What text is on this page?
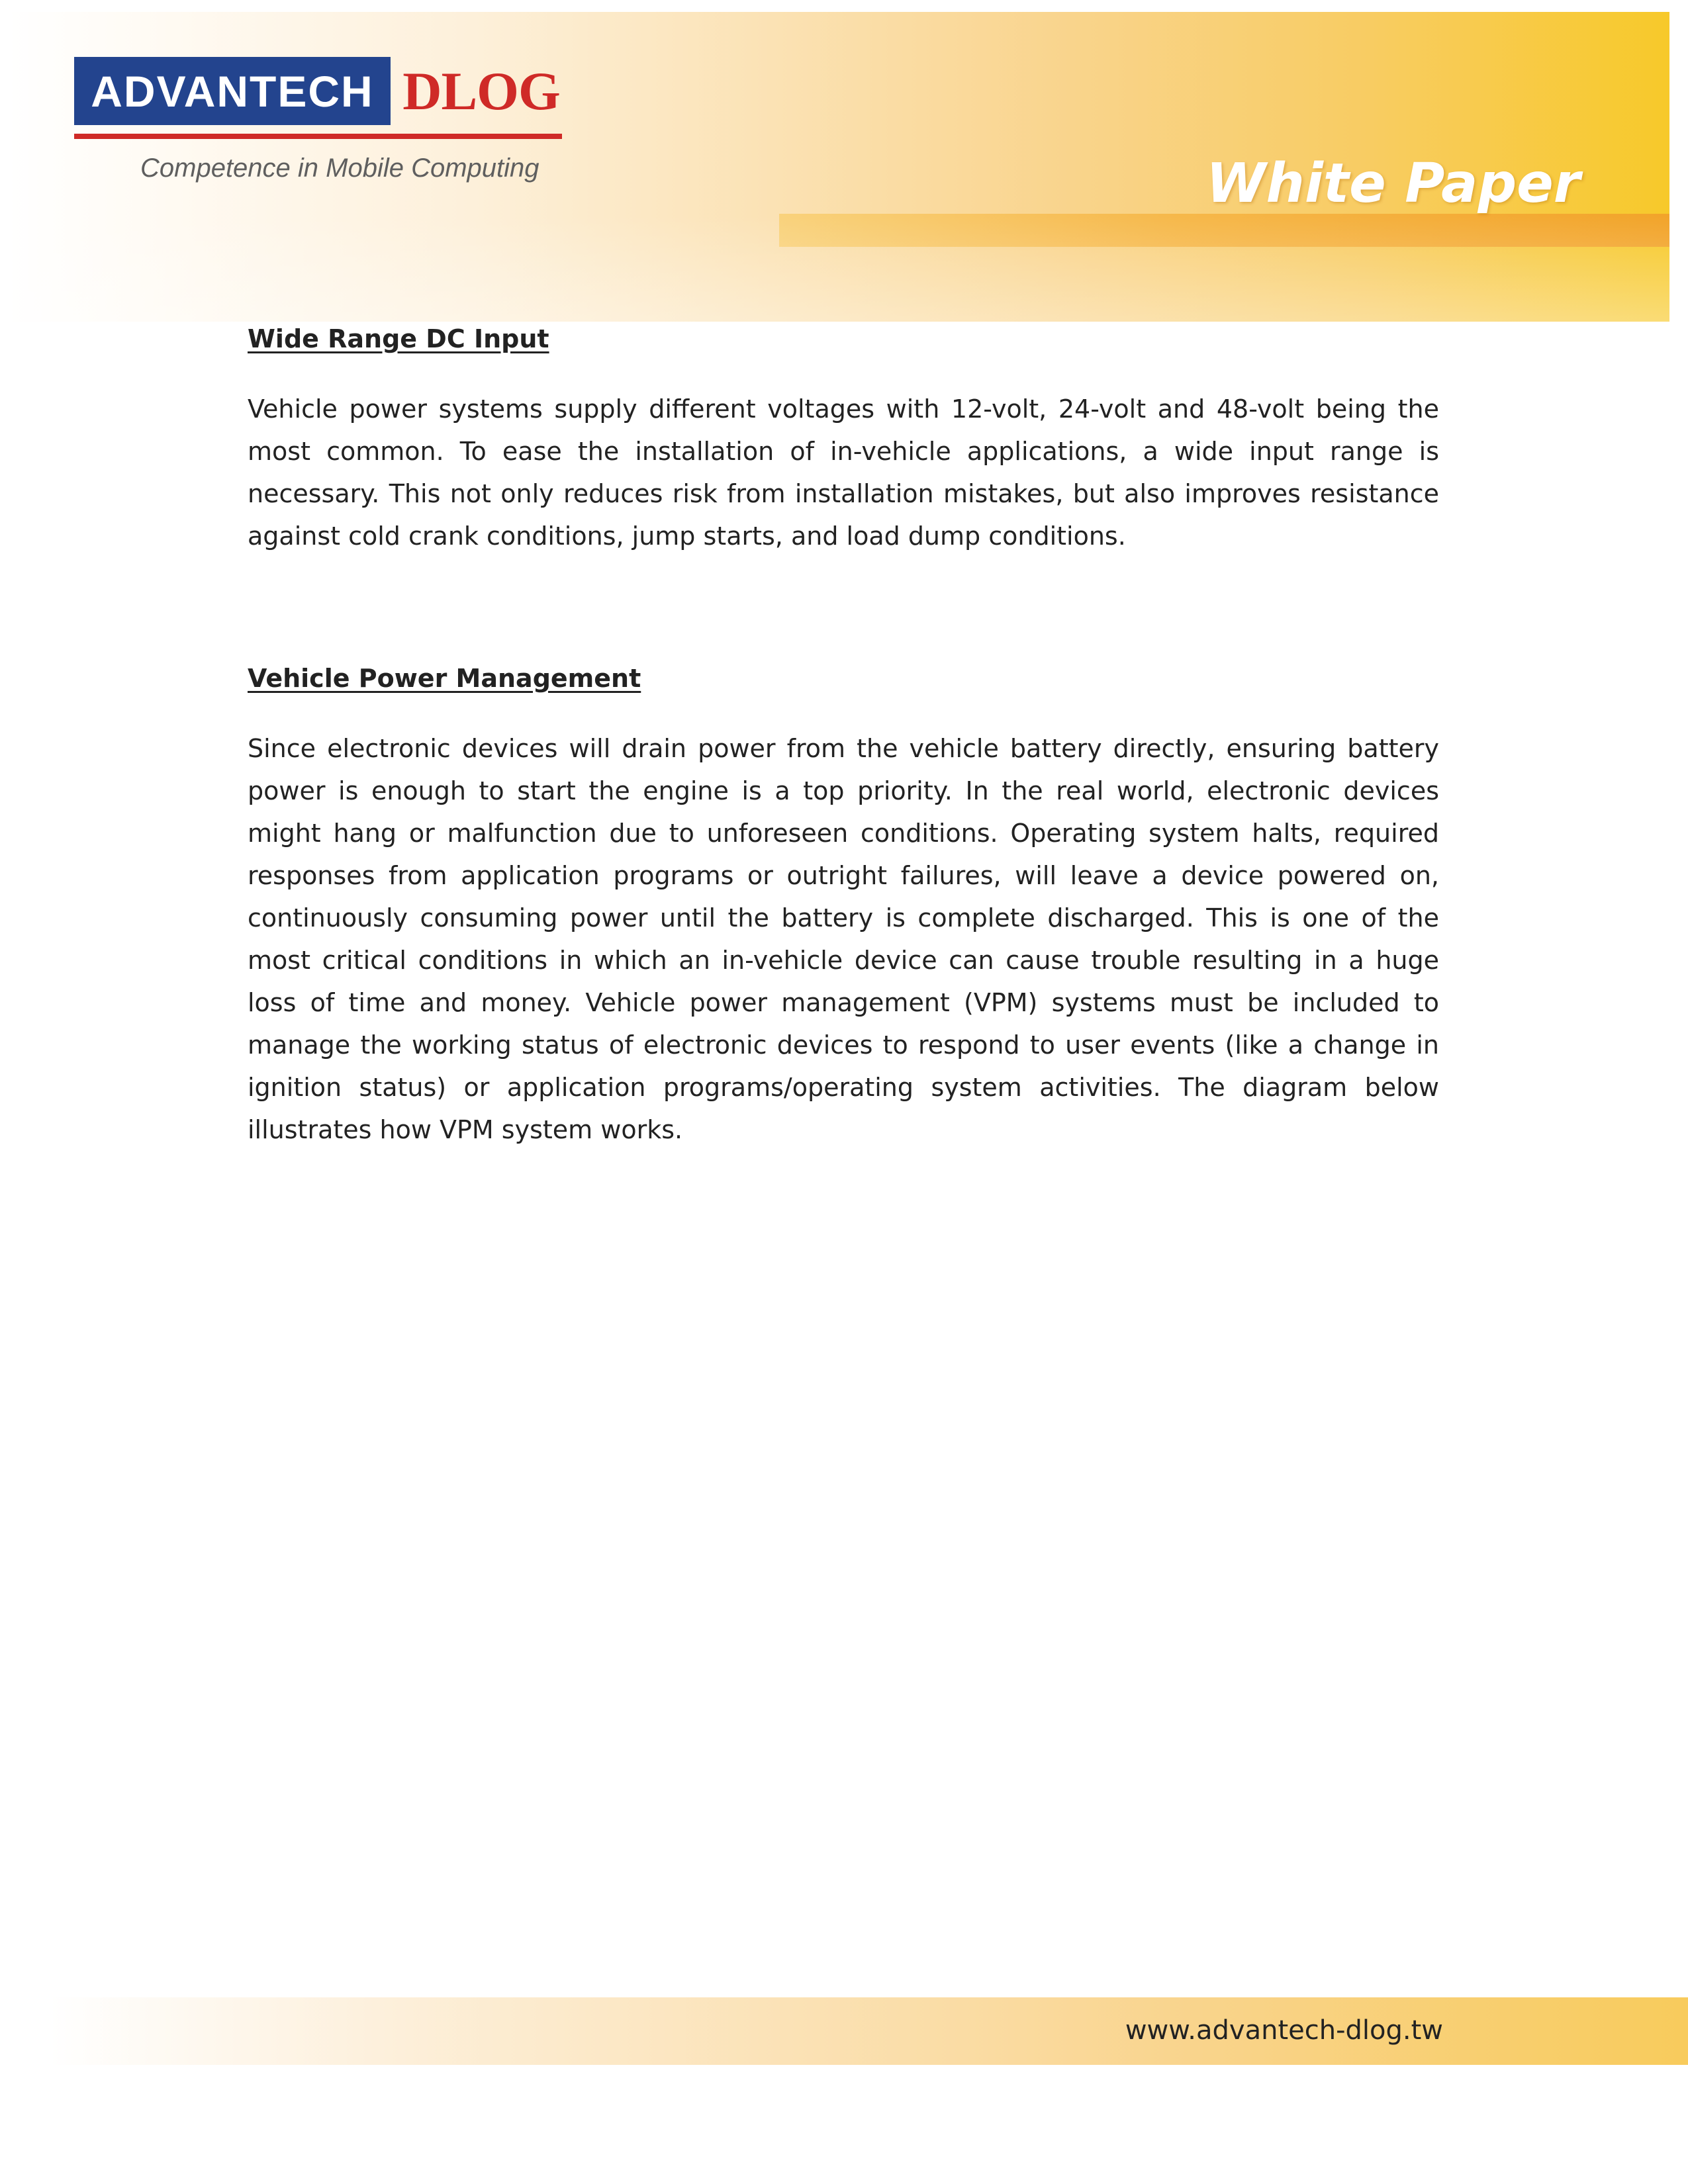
ADVANTECH DLOG
Competence in Mobile Computing	White Paper
Wide Range DC Input

Vehicle power systems supply different voltages with 12-volt, 24-volt and 48-volt being the most common. To ease the installation of in-vehicle applications, a wide input range is necessary. This not only reduces risk from installation mistakes, but also improves resistance against cold crank conditions, jump starts, and load dump conditions.

Vehicle Power Management

Since electronic devices will drain power from the vehicle battery directly, ensuring battery power is enough to start the engine is a top priority. In the real world, electronic devices might hang or malfunction due to unforeseen conditions. Operating system halts, required responses from application programs or outright failures, will leave a device powered on, continuously consuming power until the battery is complete discharged. This is one of the most critical conditions in which an in-vehicle device can cause trouble resulting in a huge loss of time and money. Vehicle power management (VPM) systems must be included to manage the working status of electronic devices to respond to user events (like a change in ignition status) or application programs/operating system activities. The diagram below illustrates how VPM system works.

www.advantech-dlog.tw
